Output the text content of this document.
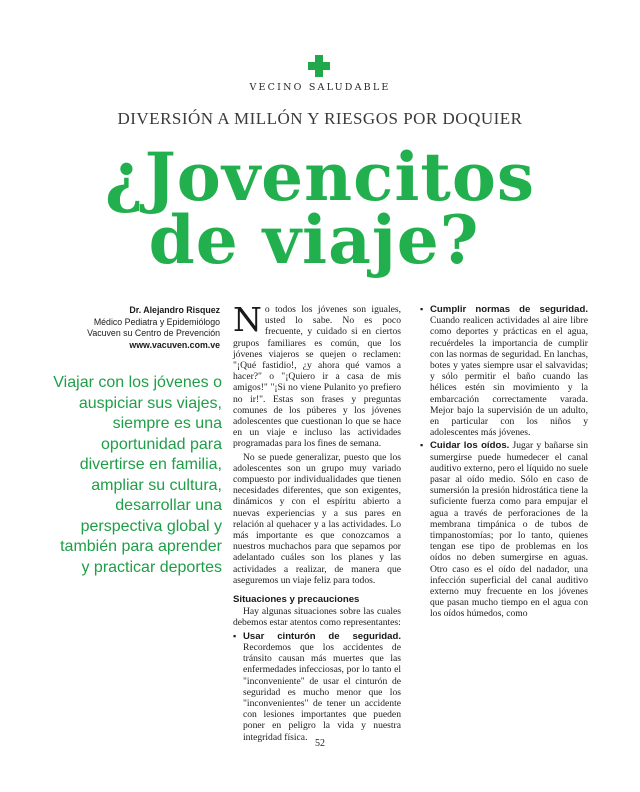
VECINO SALUDABLE
DIVERSIÓN A MILLÓN Y RIESGOS POR DOQUIER
¿Jovencitos
de viaje?
Dr. Alejandro Risquez
Médico Pediatra y Epidemiólogo
Vacuven su Centro de Prevención
www.vacuven.com.ve
Viajar con los jóvenes o auspiciar sus viajes, siempre es una oportunidad para divertirse en familia, ampliar su cultura, desarrollar una perspectiva global y también para aprender y practicar deportes

No todos los jóvenes son iguales, usted lo sabe. No es poco frecuente, y cuidado si en ciertos grupos familiares es común, que los jóvenes viajeros se quejen o reclamen: "¡Qué fastidio!, ¿y ahora qué vamos a hacer?" o "¡Quiero ir a casa de mis amigos!" "¡Si no viene Pulanito yo prefiero no ir!". Estas son frases y preguntas comunes de los púberes y los jóvenes adolescentes que cuestionan lo que se hace en un viaje e incluso las actividades programadas para los fines de semana.

No se puede generalizar, puesto que los adolescentes son un grupo muy variado compuesto por individualidades que tienen necesidades diferentes, que son exigentes, dinámicos y con el espíritu abierto a nuevas experiencias y a sus pares en relación al quehacer y a las actividades. Lo más importante es que conozcamos a nuestros muchachos para que sepamos por adelantado cuáles son los planes y las actividades a realizar, de manera que aseguremos un viaje feliz para todos.

Situaciones y precauciones

Hay algunas situaciones sobre las cuales debemos estar atentos como representantes:

▪ Usar cinturón de seguridad. Recordemos que los accidentes de tránsito causan más muertes que las enfermedades infecciosas, por lo tanto el "inconveniente" de usar el cinturón de seguridad es mucho menor que los "inconvenientes" de tener un accidente con lesiones importantes que pueden poner en peligro la vida y nuestra integridad física.

▪ Cumplir normas de seguridad. Cuando realicen actividades al aire libre como deportes y prácticas en el agua, recuérdeles la importancia de cumplir con las normas de seguridad. En lanchas, botes y yates siempre usar el salvavidas; y sólo permitir el baño cuando las hélices estén sin movimiento y la embarcación correctamente varada. Mejor bajo la supervisión de un adulto, en particular con los niños y adolescentes más jóvenes.

▪ Cuidar los oídos. Jugar y bañarse sin sumergirse puede humedecer el canal auditivo externo, pero el líquido no suele pasar al oído medio. Sólo en caso de sumersión la presión hidrostática tiene la suficiente fuerza como para empujar el agua a través de perforaciones de la membrana timpánica o de tubos de timpanostomías; por lo tanto, quienes tengan ese tipo de problemas en los oídos no deben sumergirse en aguas. Otro caso es el oído del nadador, una infección superficial del canal auditivo externo muy frecuente en los jóvenes que pasan mucho tiempo en el agua con los oídos húmedos, como

52
